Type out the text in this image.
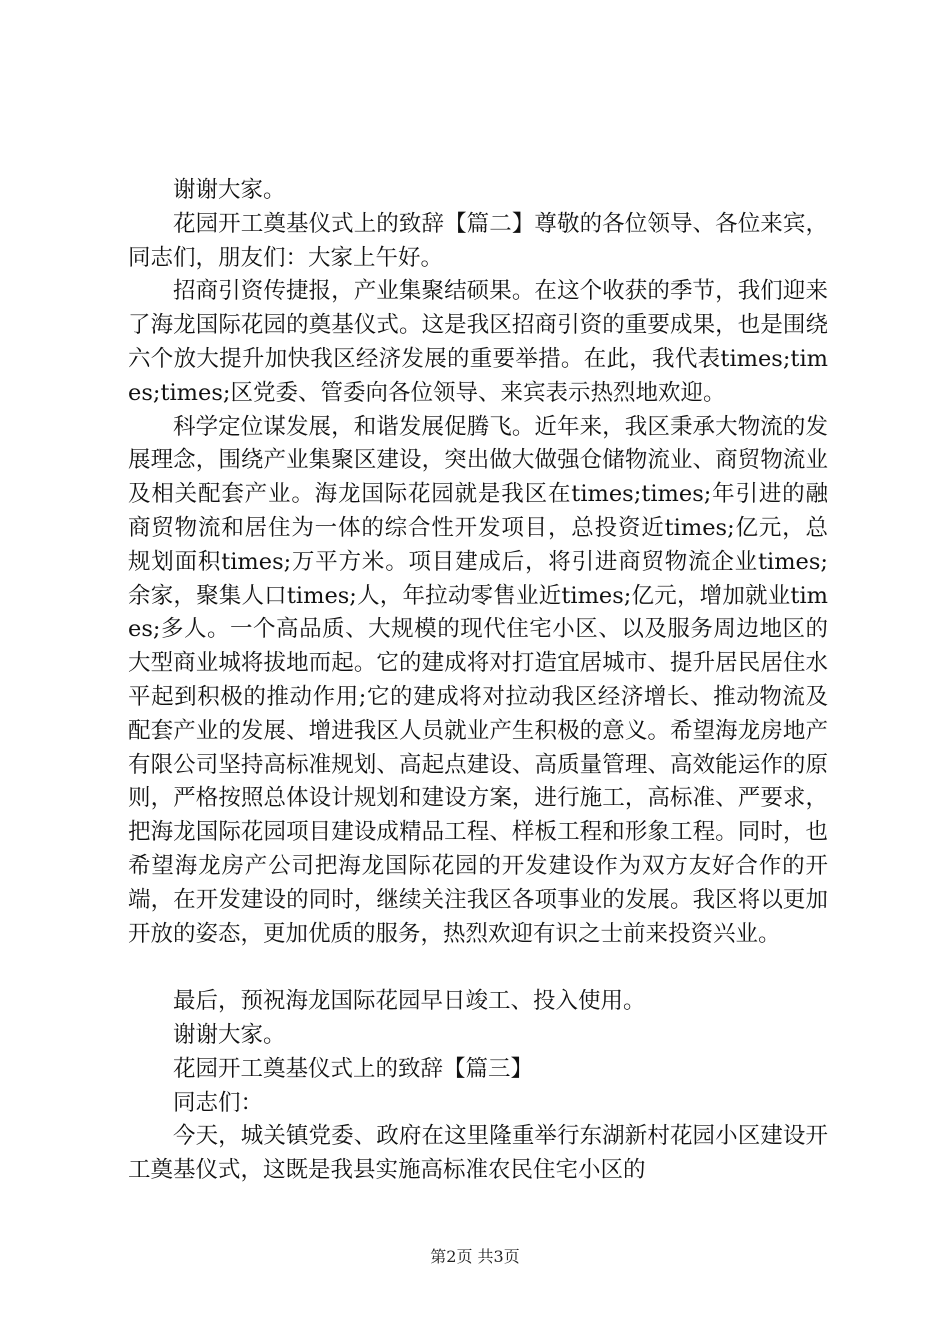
谢谢大家。

花园开工奠基仪式上的致辞【篇二】尊敬的各位领导、各位来宾，同志们，朋友们：大家上午好。

招商引资传捷报，产业集聚结硕果。在这个收获的季节，我们迎来了海龙国际花园的奠基仪式。这是我区招商引资的重要成果，也是围绕六个放大提升加快我区经济发展的重要举措。在此，我代表times;times;times;区党委、管委向各位领导、来宾表示热烈地欢迎。

科学定位谋发展，和谐发展促腾飞。近年来，我区秉承大物流的发展理念，围绕产业集聚区建设，突出做大做强仓储物流业、商贸物流业及相关配套产业。海龙国际花园就是我区在times;times;年引进的融商贸物流和居住为一体的综合性开发项目，总投资近times;亿元，总规划面积times;万平方米。项目建成后，将引进商贸物流企业times;余家，聚集人口times;人，年拉动零售业近times;亿元，增加就业times;多人。一个高品质、大规模的现代住宅小区、以及服务周边地区的大型商业城将拔地而起。它的建成将对打造宜居城市、提升居民居住水平起到积极的推动作用;它的建成将对拉动我区经济增长、推动物流及配套产业的发展、增进我区人员就业产生积极的意义。希望海龙房地产有限公司坚持高标准规划、高起点建设、高质量管理、高效能运作的原则，严格按照总体设计规划和建设方案，进行施工，高标准、严要求，把海龙国际花园项目建设成精品工程、样板工程和形象工程。同时，也希望海龙房产公司把海龙国际花园的开发建设作为双方友好合作的开端，在开发建设的同时，继续关注我区各项事业的发展。我区将以更加开放的姿态，更加优质的服务，热烈欢迎有识之士前来投资兴业。

最后，预祝海龙国际花园早日竣工、投入使用。

谢谢大家。

花园开工奠基仪式上的致辞【篇三】

同志们：

今天，城关镇党委、政府在这里隆重举行东湖新村花园小区建设开工奠基仪式，这既是我县实施高标准农民住宅小区的

第2页 共3页
